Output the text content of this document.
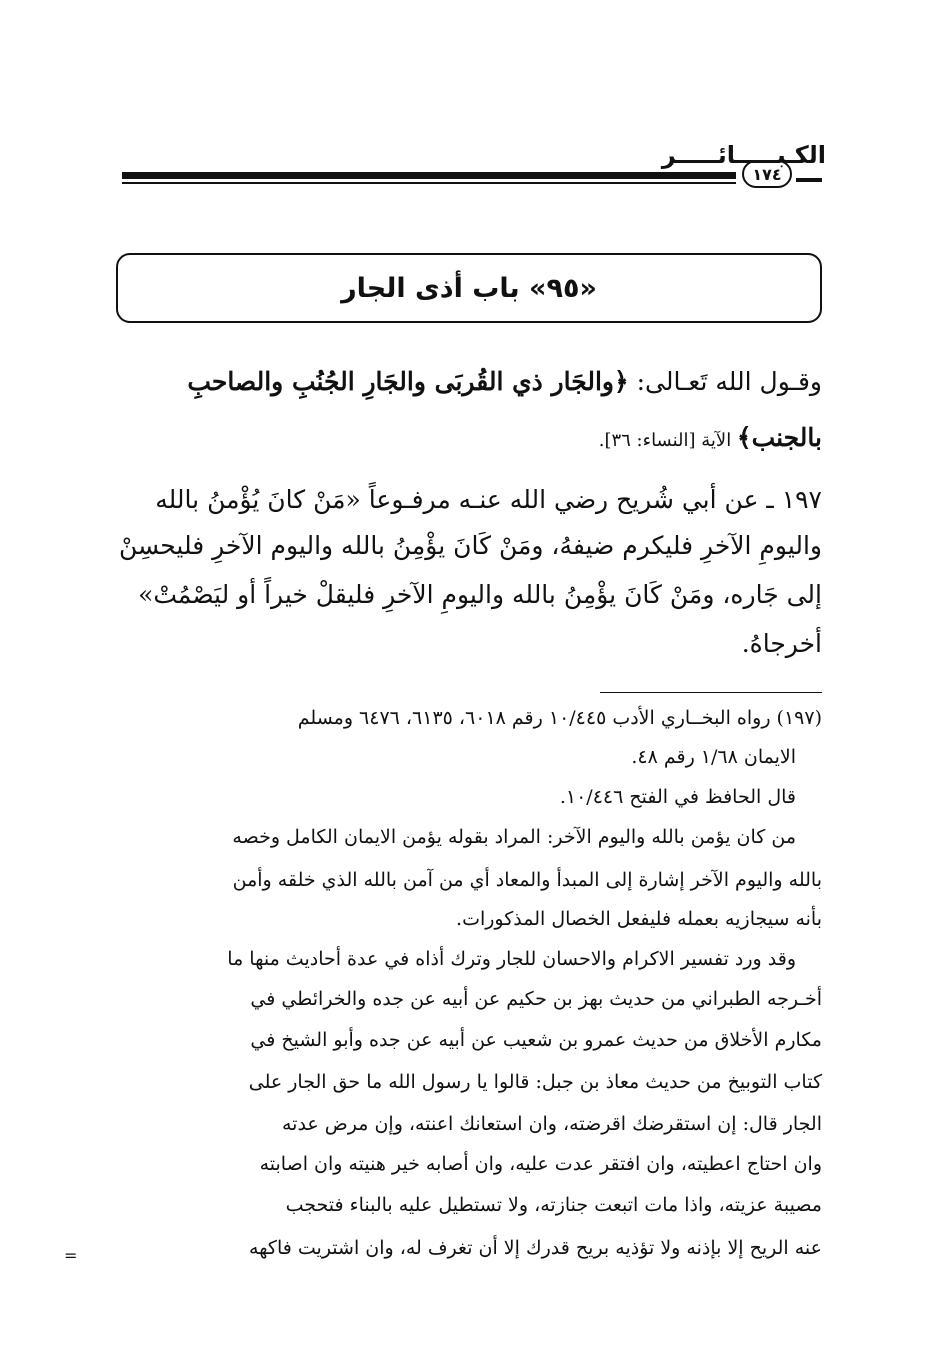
الكـبـــــائـــــر
١٧٤
«٩٥» باب أذى الجار
وقـول الله تَعـالى: ﴿والجَار ذي القُربَى والجَارِ الجُنُبِ والصاحبِ
بالجنب﴾ الآية [النساء: ٣٦].
١٩٧ ـ عن أبي شُريح رضي الله عنـه مرفـوعاً «مَنْ كانَ يُؤْمنُ بالله
واليومِ الآخرِ فليكرم ضيفهُ، ومَنْ كَانَ يؤْمِنُ بالله واليوم الآخرِ فليحسِنْ
إلى جَاره، ومَنْ كَانَ يؤْمِنُ بالله واليومِ الآخرِ فليقلْ خيراً أو ليَصْمُتْ»
أخرجاهُ.
(١٩٧) رواه البخــاري الأدب ١٠/٤٤٥ رقم ٦٠١٨، ٦١٣٥، ٦٤٧٦ ومسلم
الايمان ١/٦٨ رقم ٤٨.
قال الحافظ في الفتح ١٠/٤٤٦.
من كان يؤمن بالله واليوم الآخر: المراد بقوله يؤمن الايمان الكامل وخصه
بالله واليوم الآخر إشارة إلى المبدأ والمعاد أي من آمن بالله الذي خلقه وأمن
بأنه سيجازيه بعمله فليفعل الخصال المذكورات.
وقد ورد تفسير الاكرام والاحسان للجار وترك أذاه في عدة أحاديث منها ما
أخـرجه الطبراني من حديث بهز بن حكيم عن أبيه عن جده والخرائطي في
مكارم الأخلاق من حديث عمرو بن شعيب عن أبيه عن جده وأبو الشيخ في
كتاب التوبيخ من حديث معاذ بن جبل: قالوا يا رسول الله ما حق الجار على
الجار قال: إن استقرضك اقرضته، وان استعانك اعنته، وإن مرض عدته
وان احتاج اعطيته، وان افتقر عدت عليه، وان أصابه خير هنيته وان اصابته
مصيبة عزيته، واذا مات اتبعت جنازته، ولا تستطيل عليه بالبناء فتحجب
عنه الريح إلا بإذنه ولا تؤذيه بريح قدرك إلا أن تغرف له، وان اشتريت فاكهه
=
